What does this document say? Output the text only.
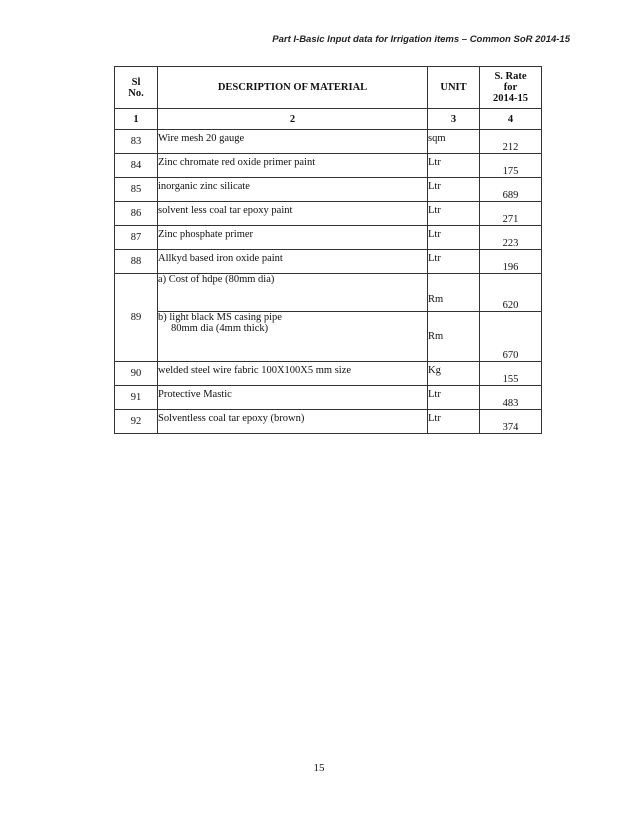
Part I-Basic Input data for Irrigation items – Common SoR 2014-15
Sl
No.	DESCRIPTION OF MATERIAL	UNIT	S. Rate
for
2014-15
1	2	3	4
83	Wire mesh 20 gauge	sqm	212
84	Zinc chromate red oxide primer paint	Ltr	175
85	inorganic zinc silicate	Ltr	689
86	solvent less coal tar epoxy paint	Ltr	271
87	Zinc phosphate primer	Ltr	223
88	Allkyd based iron oxide paint	Ltr	196
89	a) Cost of hdpe (80mm dia)	Rm	620

	b) light black MS casing pipe
80mm dia (4mm thick)	Rm	670
90	welded steel wire fabric 100X100X5 mm size	Kg	155
91	Protective Mastic	Ltr	483
92	Solventless coal tar epoxy (brown)	Ltr	374
15
